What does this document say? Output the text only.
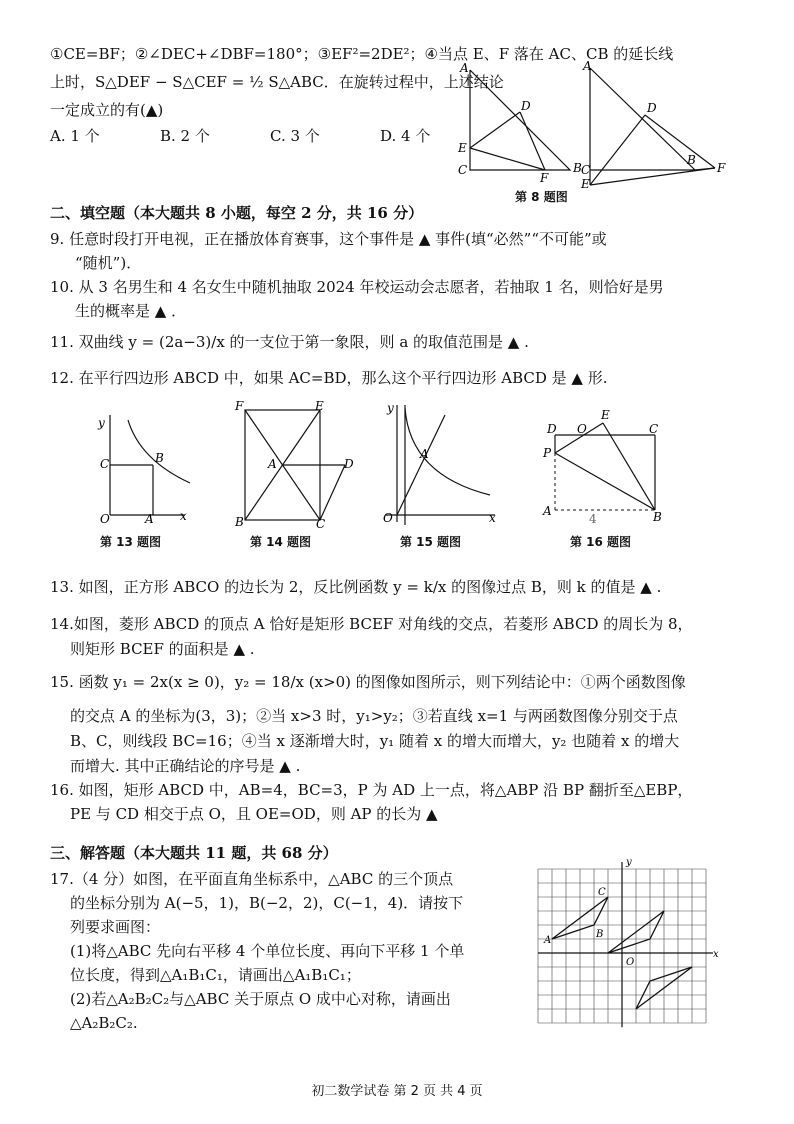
①CE=BF；②∠DEC+∠DBF=180°；③EF²=2DE²；④当点 E、F 落在 AC、CB 的延长线
上时，S△DEF − S△CEF = ½ S△ABC．在旋转过程中，上述结论
一定成立的有(▲)
A. 1 个	B. 2 个	C. 3 个	D. 4 个
A
E
C
D
F
B
A
C
E
D
B
F
第 8 题图
二、填空题（本大题共 8 小题，每空 2 分，共 16 分）
9. 任意时段打开电视，正在播放体育赛事，这个事件是 ▲ 事件(填“必然”“不可能”或
“随机”)．
10. 从 3 名男生和 4 名女生中随机抽取 2024 年校运动会志愿者，若抽取 1 名，则恰好是男
生的概率是 ▲ ．
11. 双曲线 y = (2a−3)/x 的一支位于第一象限，则 a 的取值范围是 ▲ .
12. 在平行四边形 ABCD 中，如果 AC=BD，那么这个平行四边形 ABCD 是 ▲ 形.
y
C	B
O	A x
第 13 题图
F	E
A	D
B	C
第 14 题图
y
A
O	x
第 15 题图
D O
E
C
P
A	B
4
第 16 题图
13. 如图，正方形 ABCO 的边长为 2，反比例函数 y = k/x 的图像过点 B，则 k 的值是 ▲ .
14.如图，菱形 ABCD 的顶点 A 恰好是矩形 BCEF 对角线的交点，若菱形 ABCD 的周长为 8，
则矩形 BCEF 的面积是 ▲ .
15. 函数 y₁ = 2x(x ≥ 0)，y₂ = 18/x (x>0) 的图像如图所示，则下列结论中：①两个函数图像
的交点 A 的坐标为(3，3)；②当 x>3 时，y₁>y₂；③若直线 x=1 与两函数图像分别交于点
B、C，则线段 BC=16；④当 x 逐渐增大时，y₁ 随着 x 的增大而增大，y₂ 也随着 x 的增大
而增大. 其中正确结论的序号是 ▲ .
16. 如图，矩形 ABCD 中，AB=4，BC=3，P 为 AD 上一点，将△ABP 沿 BP 翻折至△EBP，
PE 与 CD 相交于点 O，且 OE=OD，则 AP 的长为 ▲
三、解答题（本大题共 11 题，共 68 分）
17.（4 分）如图，在平面直角坐标系中，△ABC 的三个顶点
的坐标分别为 A(−5，1)，B(−2，2)，C(−1，4)．请按下
列要求画图：
(1)将△ABC 先向右平移 4 个单位长度、再向下平移 1 个单
位长度，得到△A₁B₁C₁，请画出△A₁B₁C₁；
(2)若△A₂B₂C₂与△ABC 关于原点 O 成中心对称，请画出
△A₂B₂C₂.
A
B
C
O
x
y
初二数学试卷 第 2 页 共 4 页
